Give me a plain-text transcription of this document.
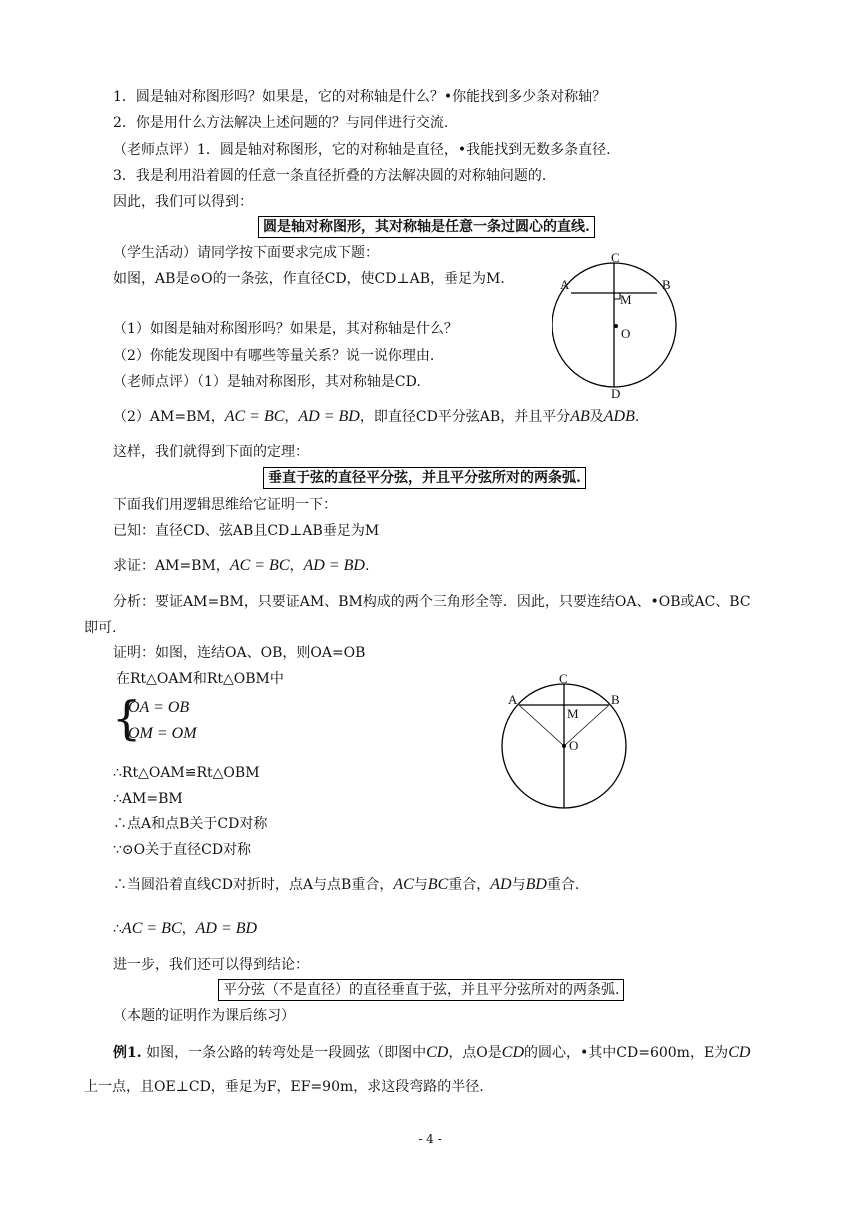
1．圆是轴对称图形吗？如果是，它的对称轴是什么？•你能找到多少条对称轴？
2．你是用什么方法解决上述问题的？与同伴进行交流.
（老师点评）1．圆是轴对称图形，它的对称轴是直径，•我能找到无数多条直径.
3．我是利用沿着圆的任意一条直径折叠的方法解决圆的对称轴问题的.
因此，我们可以得到：
圆是轴对称图形，其对称轴是任意一条过圆心的直线.
（学生活动）请同学按下面要求完成下题：
如图，AB是⊙O的一条弦，作直径CD，使CD⊥AB，垂足为M.
（1）如图是轴对称图形吗？如果是，其对称轴是什么？
（2）你能发现图中有哪些等量关系？说一说你理由.
（老师点评）（1）是轴对称图形，其对称轴是CD.
（2）AM=BM，AC = BC，AD = BD，即直径CD平分弦AB，并且平分AB及ADB.
这样，我们就得到下面的定理：
垂直于弦的直径平分弦，并且平分弦所对的两条弧.
下面我们用逻辑思维给它证明一下：
已知：直径CD、弦AB且CD⊥AB垂足为M
求证：AM=BM，AC = BC，AD = BD.
分析：要证AM=BM，只要证AM、BM构成的两个三角形全等．因此，只要连结OA、•OB或AC、BC
即可.
证明：如图，连结OA、OB，则OA=OB
在Rt△OAM和Rt△OBM中
{
OA = OB
OM = OM
∴Rt△OAM≌Rt△OBM
∴AM=BM
∴点A和点B关于CD对称
∵⊙O关于直径CD对称
∴当圆沿着直线CD对折时，点A与点B重合，AC与BC重合，AD与BD重合.
∴AC = BC，AD = BD
进一步，我们还可以得到结论：
平分弦（不是直径）的直径垂直于弦，并且平分弦所对的两条弧.
（本题的证明作为课后练习）
例1. 如图，一条公路的转弯处是一段圆弦（即图中CD，点O是CD的圆心，•其中CD=600m，E为CD
上一点，且OE⊥CD，垂足为F，EF=90m，求这段弯路的半径.
A	B
C
D
M
O
A	B
C
M
O
- 4 -
